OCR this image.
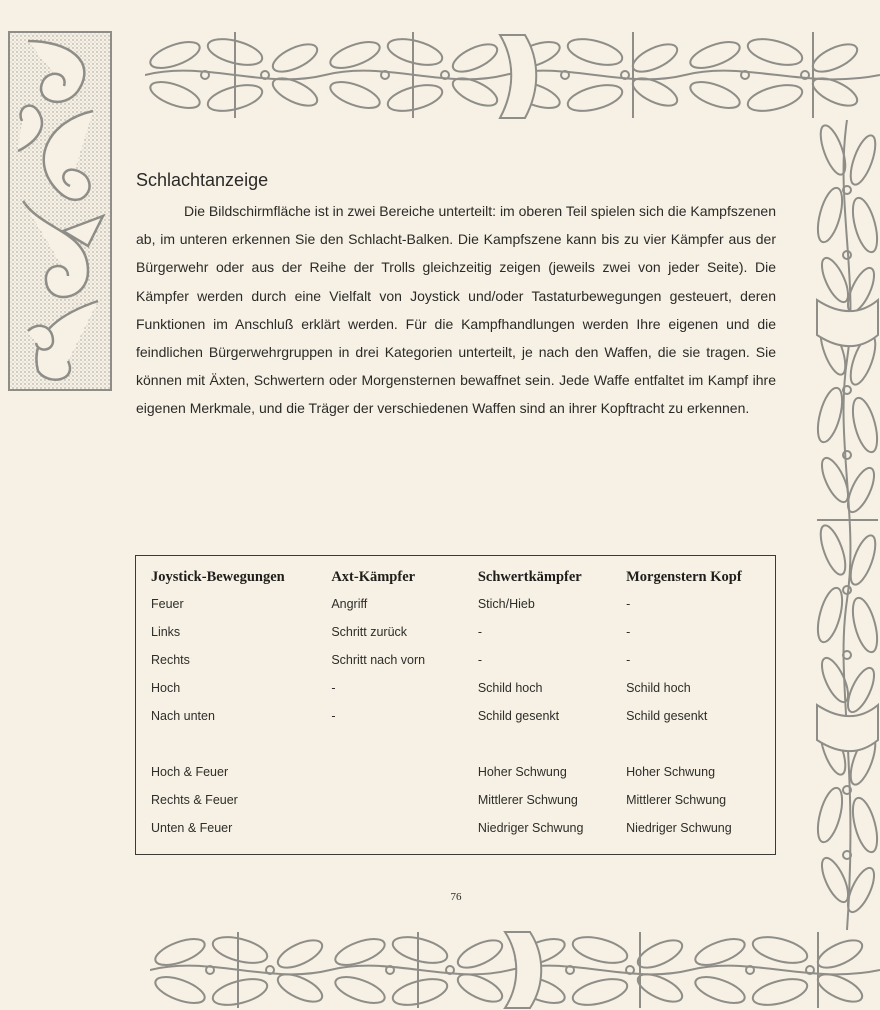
Schlachtanzeige

Die Bildschirmfläche ist in zwei Bereiche unterteilt: im oberen Teil spielen sich die Kampfszenen ab, im unteren erkennen Sie den Schlacht-Balken. Die Kampfszene kann bis zu vier Kämpfer aus der Bürgerwehr oder aus der Reihe der Trolls gleichzeitig zeigen (jeweils zwei von jeder Seite). Die Kämpfer werden durch eine Vielfalt von Joystick und/oder Tastaturbewegungen gesteuert, deren Funktionen im Anschluß erklärt werden. Für die Kampfhandlungen werden Ihre eigenen und die feindlichen Bürgerwehrgruppen in drei Kategorien unterteilt, je nach den Waffen, die sie tragen. Sie können mit Äxten, Schwertern oder Morgensternen bewaffnet sein. Jede Waffe entfaltet im Kampf ihre eigenen Merkmale, und die Träger der verschiedenen Waffen sind an ihrer Kopftracht zu erkennen.

Joystick-Bewegungen	Axt-Kämpfer	Schwertkämpfer	Morgenstern Kopf
Feuer	Angriff	Stich/Hieb	-
Links	Schritt zurück	-	-
Rechts	Schritt nach vorn	-	-
Hoch	-	Schild hoch	Schild hoch
Nach unten	-	Schild gesenkt	Schild gesenkt

Hoch & Feuer		Hoher Schwung	Hoher Schwung
Rechts & Feuer		Mittlerer Schwung	Mittlerer Schwung
Unten & Feuer		Niedriger Schwung	Niedriger Schwung
76
